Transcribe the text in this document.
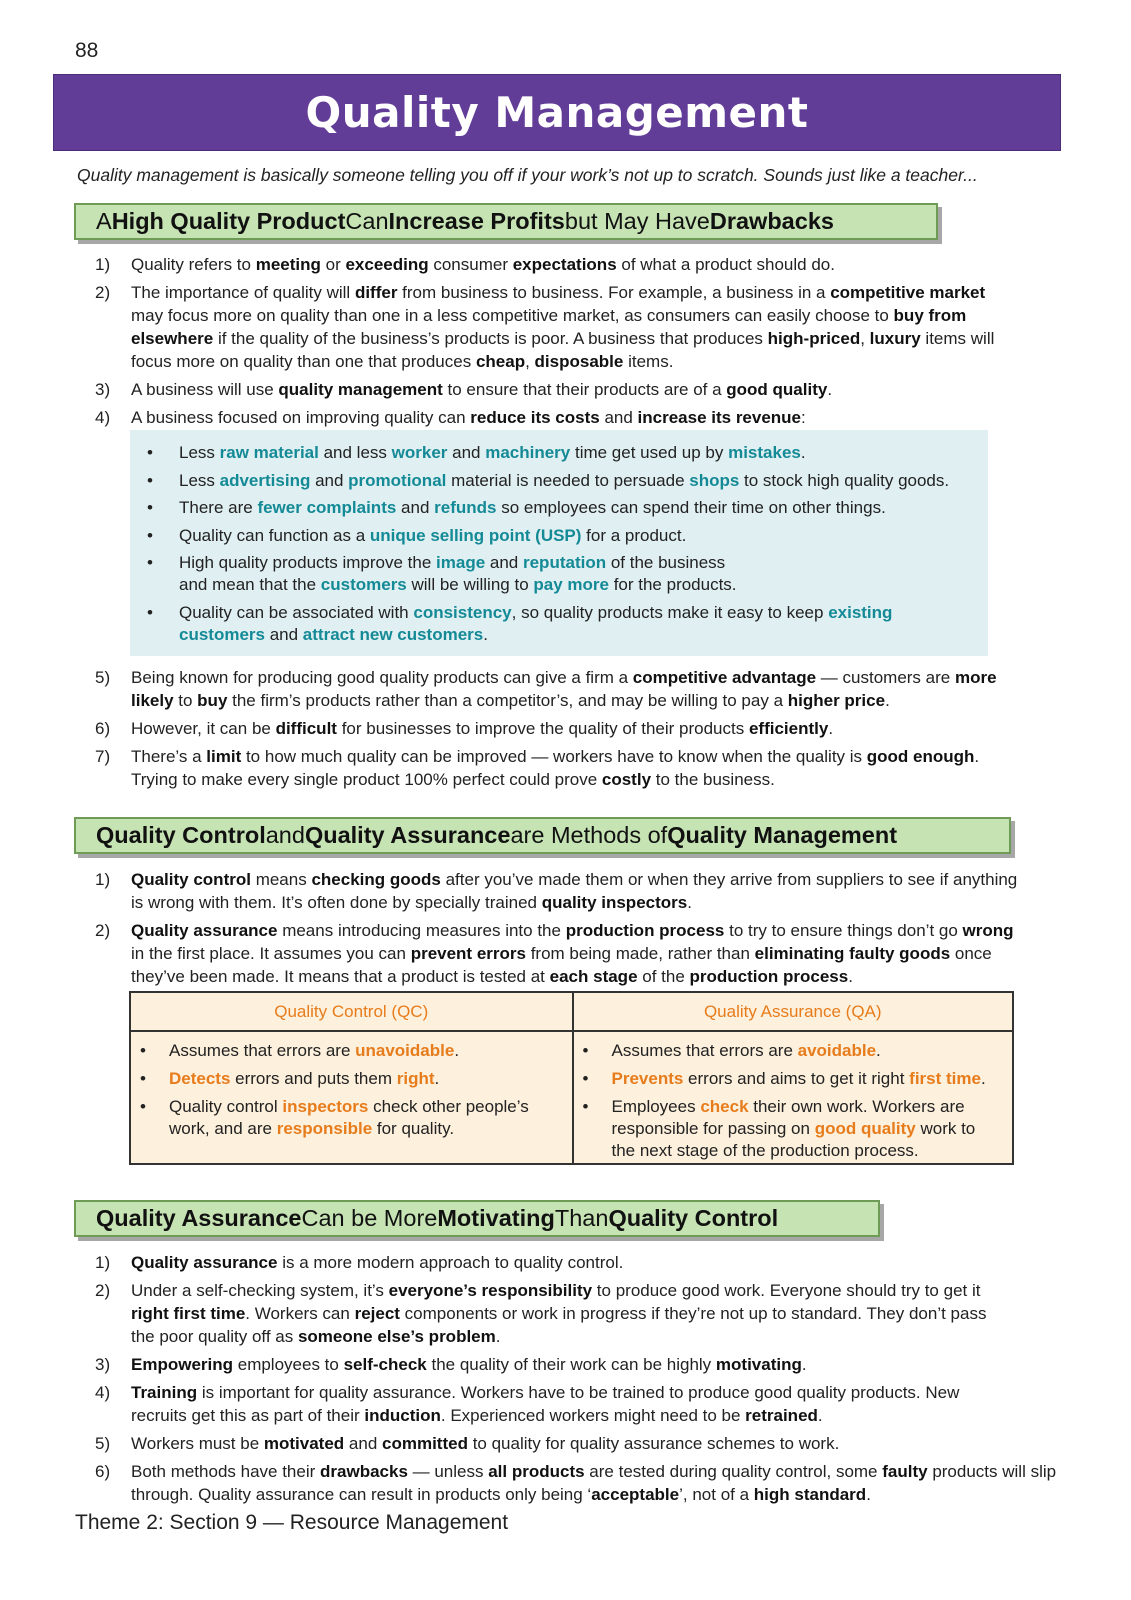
88
Quality Management
Quality management is basically someone telling you off if your work’s not up to scratch. Sounds just like a teacher...
A High Quality Product Can Increase Profits but May Have Drawbacks
1) Quality refers to meeting or exceeding consumer expectations of what a product should do.
2) The importance of quality will differ from business to business. For example, a business in a competitive market may focus more on quality than one in a less competitive market, as consumers can easily choose to buy from elsewhere if the quality of the business’s products is poor. A business that produces high-priced, luxury items will focus more on quality than one that produces cheap, disposable items.
3) A business will use quality management to ensure that their products are of a good quality.
4) A business focused on improving quality can reduce its costs and increase its revenue:
• Less raw material and less worker and machinery time get used up by mistakes.
• Less advertising and promotional material is needed to persuade shops to stock high quality goods.
• There are fewer complaints and refunds so employees can spend their time on other things.
• Quality can function as a unique selling point (USP) for a product.
• High quality products improve the image and reputation of the business and mean that the customers will be willing to pay more for the products.
• Quality can be associated with consistency, so quality products make it easy to keep existing customers and attract new customers.
5) Being known for producing good quality products can give a firm a competitive advantage — customers are more likely to buy the firm’s products rather than a competitor’s, and may be willing to pay a higher price.
6) However, it can be difficult for businesses to improve the quality of their products efficiently.
7) There’s a limit to how much quality can be improved — workers have to know when the quality is good enough. Trying to make every single product 100% perfect could prove costly to the business.
Quality Control and Quality Assurance are Methods of Quality Management
1) Quality control means checking goods after you’ve made them or when they arrive from suppliers to see if anything is wrong with them. It’s often done by specially trained quality inspectors.
2) Quality assurance means introducing measures into the production process to try to ensure things don’t go wrong in the first place. It assumes you can prevent errors from being made, rather than eliminating faulty goods once they’ve been made. It means that a product is tested at each stage of the production process.
Quality Control (QC)
• Assumes that errors are unavoidable.
• Detects errors and puts them right.
• Quality control inspectors check other people’s work, and are responsible for quality.
Quality Assurance (QA)
• Assumes that errors are avoidable.
• Prevents errors and aims to get it right first time.
• Employees check their own work. Workers are responsible for passing on good quality work to the next stage of the production process.
Quality Assurance Can be More Motivating Than Quality Control
1) Quality assurance is a more modern approach to quality control.
2) Under a self-checking system, it’s everyone’s responsibility to produce good work. Everyone should try to get it right first time. Workers can reject components or work in progress if they’re not up to standard. They don’t pass the poor quality off as someone else’s problem.
3) Empowering employees to self-check the quality of their work can be highly motivating.
4) Training is important for quality assurance. Workers have to be trained to produce good quality products. New recruits get this as part of their induction. Experienced workers might need to be retrained.
5) Workers must be motivated and committed to quality for quality assurance schemes to work.
6) Both methods have their drawbacks — unless all products are tested during quality control, some faulty products will slip through. Quality assurance can result in products only being ‘acceptable’, not of a high standard.
Theme 2: Section 9 — Resource Management
